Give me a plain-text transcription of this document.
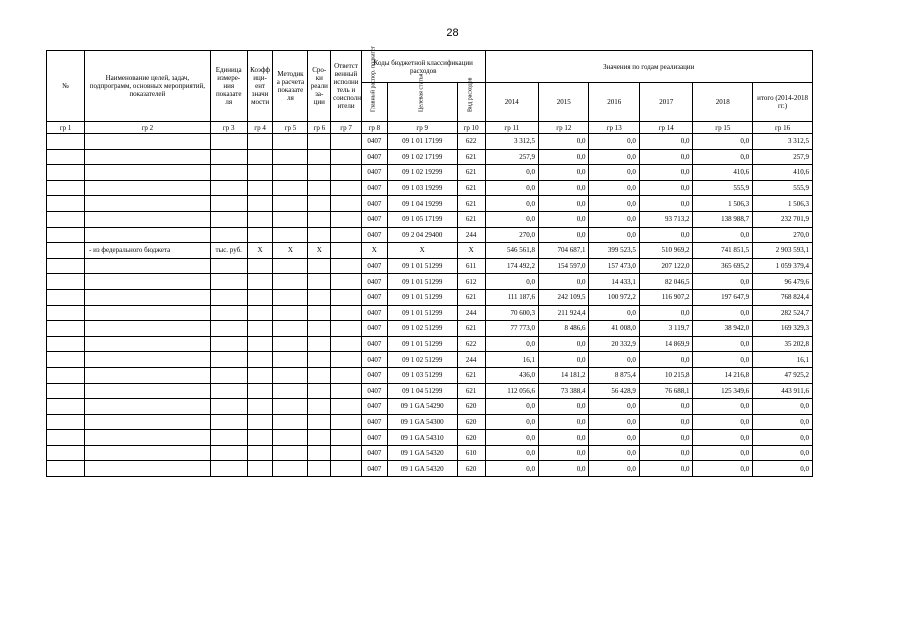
28
№	Наименование целей, задач, подпрограмм, основных мероприятий, показателей	Единица измере-ния показате ля	Коэфф ици-ент значи мости	Методик а расчета показате ля	Сро-ки реали за-ции	Ответст венный исполни тель и соисполн ители	Коды бюджетной классификации расходов			Значения по годам реализации					

							Главный распор. подкатег	Целевая статья	Вид расходов	2014	2015	2016	2017	2018	итого (2014-2018 гг.)
гр 1	гр 2	гр 3	гр 4	гр 5	гр 6	гр 7	гр 8	гр 9	гр 10	гр 11	гр 12	гр 13	гр 14	гр 15	гр 16
							0407	09 1 01 17199	622	3 312,5	0,0	0,0	0,0	0,0	3 312,5
							0407	09 1 02 17199	621	257,9	0,0	0,0	0,0	0,0	257,9
							0407	09 1 02 19299	621	0,0	0,0	0,0	0,0	410,6	410,6
							0407	09 1 03 19299	621	0,0	0,0	0,0	0,0	555,9	555,9
							0407	09 1 04 19299	621	0,0	0,0	0,0	0,0	1 506,3	1 506,3
							0407	09 1 05 17199	621	0,0	0,0	0,0	93 713,2	138 988,7	232 701,9
							0407	09 2 04 29400	244	270,0	0,0	0,0	0,0	0,0	270,0
	- из федерального бюджета	тыс. руб.	Х	Х	Х		Х	Х	Х	546 561,8	704 687,1	399 523,5	510 969,2	741 851,5	2 903 593,1
							0407	09 1 01 51299	611	174 492,2	154 597,0	157 473,0	207 122,0	365 695,2	1 059 379,4
							0407	09 1 01 51299	612	0,0	0,0	14 433,1	82 046,5	0,0	96 479,6
							0407	09 1 01 51299	621	111 187,6	242 109,5	100 972,2	116 907,2	197 647,9	768 824,4
							0407	09 1 01 51299	244	70 600,3	211 924,4	0,0	0,0	0,0	282 524,7
							0407	09 1 02 51299	621	77 773,0	8 486,6	41 008,0	3 119,7	38 942,0	169 329,3
							0407	09 1 01 51299	622	0,0	0,0	20 332,9	14 869,9	0,0	35 202,8
							0407	09 1 02 51299	244	16,1	0,0	0,0	0,0	0,0	16,1
							0407	09 1 03 51299	621	436,0	14 181,2	8 875,4	10 215,8	14 216,8	47 925,2
							0407	09 1 04 51299	621	112 056,6	73 388,4	56 428,9	76 688,1	125 349,6	443 911,6
							0407	09 1 GA 54290	620	0,0	0,0	0,0	0,0	0,0	0,0
							0407	09 1 GA 54300	620	0,0	0,0	0,0	0,0	0,0	0,0
							0407	09 1 GA 54310	620	0,0	0,0	0,0	0,0	0,0	0,0
							0407	09 1 GA 54320	610	0,0	0,0	0,0	0,0	0,0	0,0
							0407	09 1 GA 54320	620	0,0	0,0	0,0	0,0	0,0	0,0
